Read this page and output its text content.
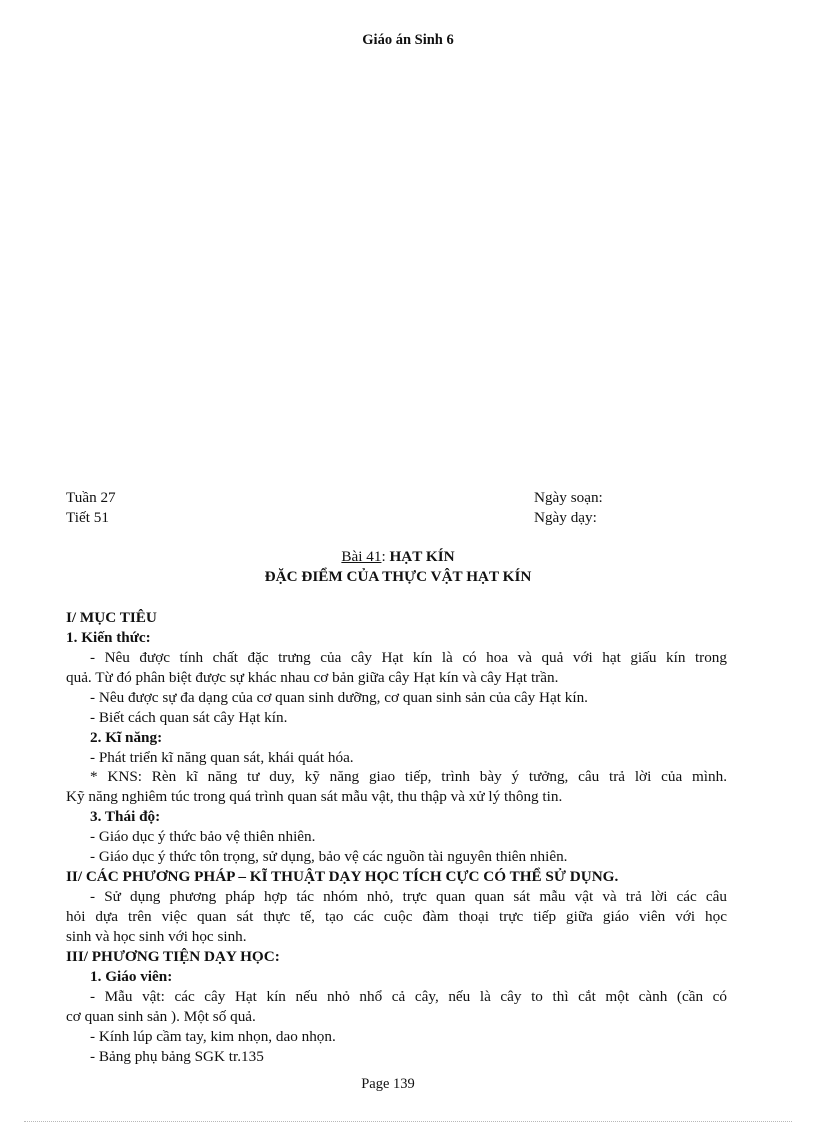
Giáo án Sinh 6
Tuần 27
Tiết 51
Ngày soạn:
Ngày dạy:
Bài 41: HẠT KÍN
ĐẶC ĐIỂM CỦA THỰC VẬT HẠT KÍN
I/ MỤC TIÊU
1. Kiến thức:
- Nêu được tính chất đặc trưng của cây Hạt kín là có hoa và quả với hạt giấu kín trong
quả. Từ đó phân biệt được sự khác nhau cơ bản giữa cây Hạt kín và cây Hạt trần.
- Nêu được sự đa dạng của cơ quan sinh dưỡng, cơ quan sinh sản của cây Hạt kín.
- Biết cách quan sát cây Hạt kín.
2. Kĩ năng:
- Phát triển kĩ năng quan sát, khái quát hóa.
* KNS: Rèn kĩ năng tư duy, kỹ năng giao tiếp, trình bày ý tưởng, câu trả lời của mình.
Kỹ năng nghiêm túc trong quá trình quan sát mẫu vật, thu thập và xử lý thông tin.
3. Thái độ:
- Giáo dục ý thức bảo vệ thiên nhiên.
- Giáo dục ý thức tôn trọng, sử dụng, bảo vệ các nguồn tài nguyên thiên nhiên.
II/ CÁC PHƯƠNG PHÁP – KĨ THUẬT DẠY HỌC TÍCH CỰC CÓ THỂ SỬ DỤNG.
- Sử dụng phương pháp hợp tác nhóm nhỏ, trực quan quan sát mẫu vật và trả lời các câu
hỏi dựa trên việc quan sát thực tế, tạo các cuộc đàm thoại trực tiếp giữa giáo viên với học
sinh và học sinh với học sinh.
III/ PHƯƠNG TIỆN DẠY HỌC:
1. Giáo viên:
- Mẫu vật: các cây Hạt kín nếu nhỏ nhổ cả cây, nếu là cây to thì cắt một cành (cần có
cơ quan sinh sản ). Một số quả.
- Kính lúp cầm tay, kim nhọn, dao nhọn.
- Bảng phụ bảng SGK tr.135
Page 139
